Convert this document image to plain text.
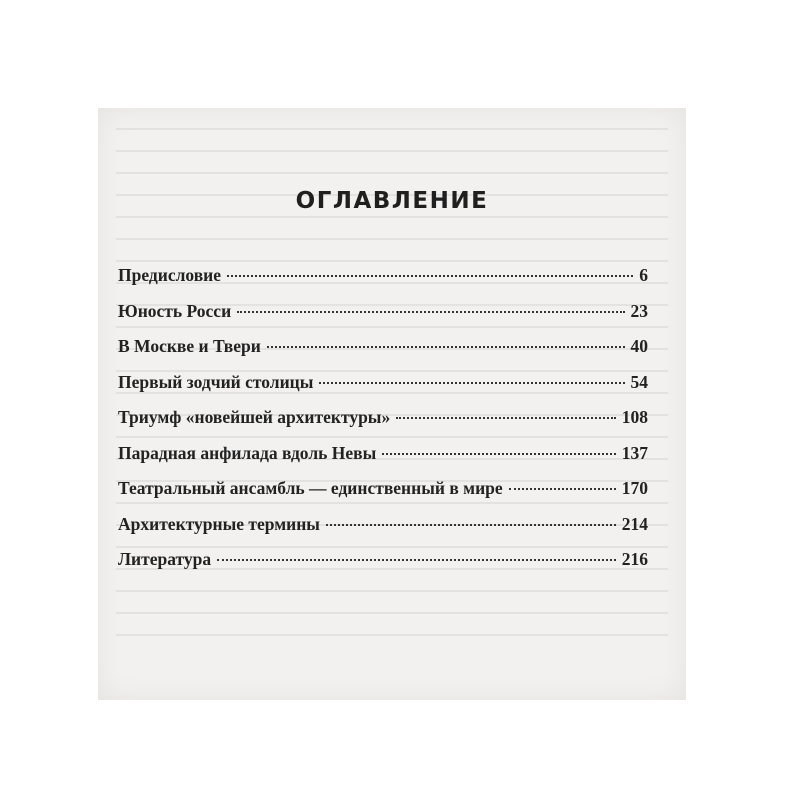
ОГЛАВЛЕНИЕ
Предисловие	6
Юность Росси	23
В Москве и Твери	40
Первый зодчий столицы	54
Триумф «новейшей архитектуры»	108
Парадная анфилада вдоль Невы	137
Театральный ансамбль — единственный в мире	170
Архитектурные термины	214
Литература	216
